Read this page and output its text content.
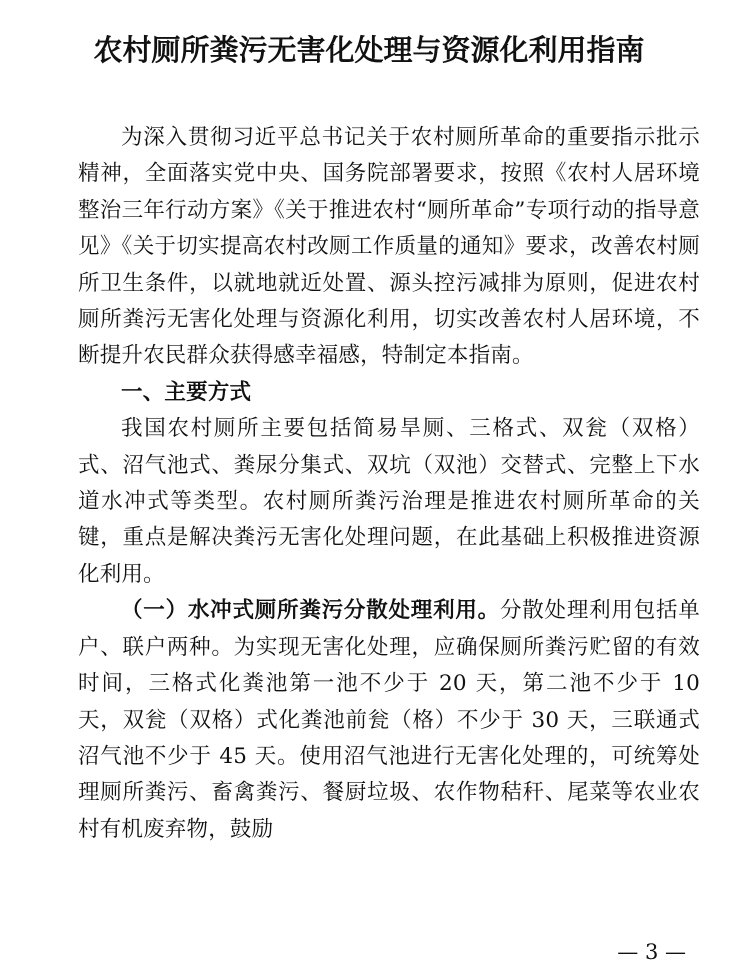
农村厕所粪污无害化处理与资源化利用指南

为深入贯彻习近平总书记关于农村厕所革命的重要指示批示精神，全面落实党中央、国务院部署要求，按照《农村人居环境整治三年行动方案》《关于推进农村“厕所革命”专项行动的指导意见》《关于切实提高农村改厕工作质量的通知》要求，改善农村厕所卫生条件，以就地就近处置、源头控污减排为原则，促进农村厕所粪污无害化处理与资源化利用，切实改善农村人居环境，不断提升农民群众获得感幸福感，特制定本指南。

一、主要方式

我国农村厕所主要包括简易旱厕、三格式、双瓮（双格）式、沼气池式、粪尿分集式、双坑（双池）交替式、完整上下水道水冲式等类型。农村厕所粪污治理是推进农村厕所革命的关键，重点是解决粪污无害化处理问题，在此基础上积极推进资源化利用。

（一）水冲式厕所粪污分散处理利用。分散处理利用包括单户、联户两种。为实现无害化处理，应确保厕所粪污贮留的有效时间，三格式化粪池第一池不少于 20 天，第二池不少于 10 天，双瓮（双格）式化粪池前瓮（格）不少于 30 天，三联通式沼气池不少于 45 天。使用沼气池进行无害化处理的，可统筹处理厕所粪污、畜禽粪污、餐厨垃圾、农作物秸秆、尾菜等农业农村有机废弃物，鼓励

— 3 —
